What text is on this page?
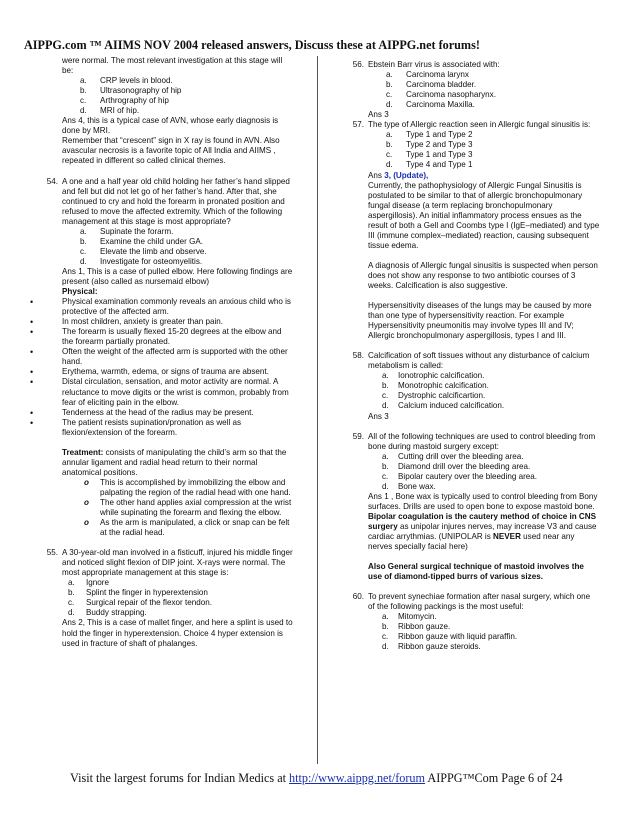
AIPPG.com ™ AIIMS NOV 2004 released answers, Discuss these at AIPPG.net forums!
were normal. The most relevant investigation at this stage will
be:
a. CRP levels in blood.
b. Ultrasonography of hip
c. Arthrography of hip
d. MRI of hip.
Ans 4, this is a typical case of AVN, whose early diagnosis is
done by MRI.
Remember that “crescent” sign in X ray is found in AVN. Also
avascular necrosis is a favorite topic of All India and AIIMS ,
repeated in different so called clinical themes.
54. A one and a half year old child holding her father’s hand slipped
and fell but did not let go of her father’s hand. After that, she
continued to cry and hold the forearm in pronated position and
refused to move the affected extremity. Which of the following
management at this stage is most appropriate?
a. Supinate the forarm.
b. Examine the child under GA.
c. Elevate the limb and observe.
d. Investigate for osteomyelitis.
Ans 1, This is a case of pulled elbow. Here following findings are
present (also called as nursemaid elbow)
Physical:
•	Physical examination commonly reveals an anxious child who is
protective of the affected arm.
•	In most children, anxiety is greater than pain.
•	The forearm is usually flexed 15-20 degrees at the elbow and
the forearm partially pronated.
•	Often the weight of the affected arm is supported with the other
hand.
•	Erythema, warmth, edema, or signs of trauma are absent.
•	Distal circulation, sensation, and motor activity are normal. A
reluctance to move digits or the wrist is common, probably from
fear of eliciting pain in the elbow.
•	Tenderness at the head of the radius may be present.
•	The patient resists supination/pronation as well as
flexion/extension of the forearm.
Treatment: consists of manipulating the child’s arm so that the
annular ligament and radial head return to their normal
anatomical positions.
o This is accomplished by immobilizing the elbow and
palpating the region of the radial head with one hand.
o The other hand applies axial compression at the wrist
while supinating the forearm and flexing the elbow.
o As the arm is manipulated, a click or snap can be felt
at the radial head.
55. A 30-year-old man involved in a fisticuff, injured his middle finger
and noticed slight flexion of DIP joint. X-rays were normal. The
most appropriate management at this stage is:
a. Ignore
b. Splint the finger in hyperextension
c. Surgical repair of the flexor tendon.
d. Buddy strapping.
Ans 2, This is a case of mallet finger, and here a splint is used to
hold the finger in hyperextension. Choice 4 hyper extension is
used in fracture of shaft of phalanges.
56. Ebstein Barr virus is associated with:
a. Carcinoma larynx
b. Carcinoma bladder.
c. Carcinoma nasopharynx.
d. Carcinoma Maxilla.
Ans 3
57. The type of Allergic reaction seen in Allergic fungal sinusitis is:
a. Type 1 and Type 2
b. Type 2 and Type 3
c. Type 1 and Type 3
d. Type 4 and Type 1
Ans 3, (Update),
Currently, the pathophysiology of Allergic Fungal Sinusitis is
postulated to be similar to that of allergic bronchopulmonary
fungal disease (a term replacing bronchopulmonary
aspergillosis). An initial inflammatory process ensues as the
result of both a Gell and Coombs type I (IgE–mediated) and type
III (immune complex–mediated) reaction, causing subsequent
tissue edema.
A diagnosis of Allergic fungal sinusitis is suspected when person
does not show any response to two antibiotic courses of 3
weeks. Calcification is also suggestive.
Hypersensitivity diseases of the lungs may be caused by more
than one type of hypersensitivity reaction. For example
Hypersensitivity pneumonitis may involve types III and IV;
Allergic bronchopulmonary aspergillosis, types I and III.
58. Calcification of soft tissues without any disturbance of calcium
metabolism is called:
a. Ionotrophic calcification.
b. Monotrophic calcification.
c. Dystrophic calcificartion.
d. Calcium induced calcification.
Ans 3
59. All of the following techniques are used to control bleeding from
bone during mastoid surgery except:
a. Cutting drill over the bleeding area.
b. Diamond drill over the bleeding area.
c. Bipolar cautery over the bleeding area.
d. Bone wax.
Ans 1 , Bone wax is typically used to control bleeding from Bony
surfaces. Drills are used to open bone to expose mastoid bone.
Bipolar coagulation is the cautery method of choice in CNS
surgery as unipolar injures nerves, may increase V3 and cause
cardiac arrythmias. (UNIPOLAR is NEVER used near any
nerves specially facial here)
Also General surgical technique of mastoid involves the
use of diamond-tipped burrs of various sizes.
60. To prevent synechiae formation after nasal surgery, which one
of the following packings is the most useful:
a. Mitomycin.
b. Ribbon gauze.
c. Ribbon gauze with liquid paraffin.
d. Ribbon gauze steroids.
Visit the largest forums for Indian Medics at http://www.aippg.net/forum AIPPG™Com Page 6 of 24
